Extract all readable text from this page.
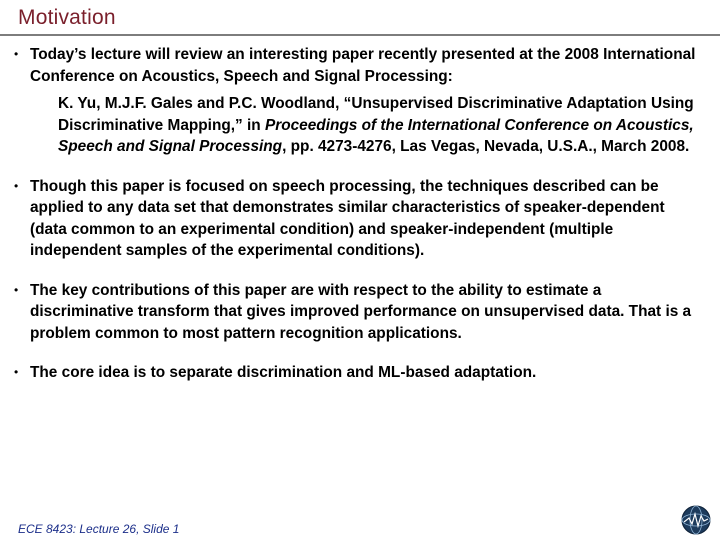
Motivation
• Today’s lecture will review an interesting paper recently presented at the 2008 International Conference on Acoustics, Speech and Signal Processing:
K. Yu, M.J.F. Gales and P.C. Woodland, “Unsupervised Discriminative Adaptation Using Discriminative Mapping,” in Proceedings of the International Conference on Acoustics, Speech and Signal Processing, pp. 4273-4276, Las Vegas, Nevada, U.S.A., March 2008.
• Though this paper is focused on speech processing, the techniques described can be applied to any data set that demonstrates similar characteristics of speaker-dependent (data common to an experimental condition) and speaker-independent (multiple independent samples of the experimental conditions).
• The key contributions of this paper are with respect to the ability to estimate a discriminative transform that gives improved performance on unsupervised data. That is a problem common to most pattern recognition applications.
• The core idea is to separate discrimination and ML-based adaptation.
ECE 8423: Lecture 26, Slide 1
